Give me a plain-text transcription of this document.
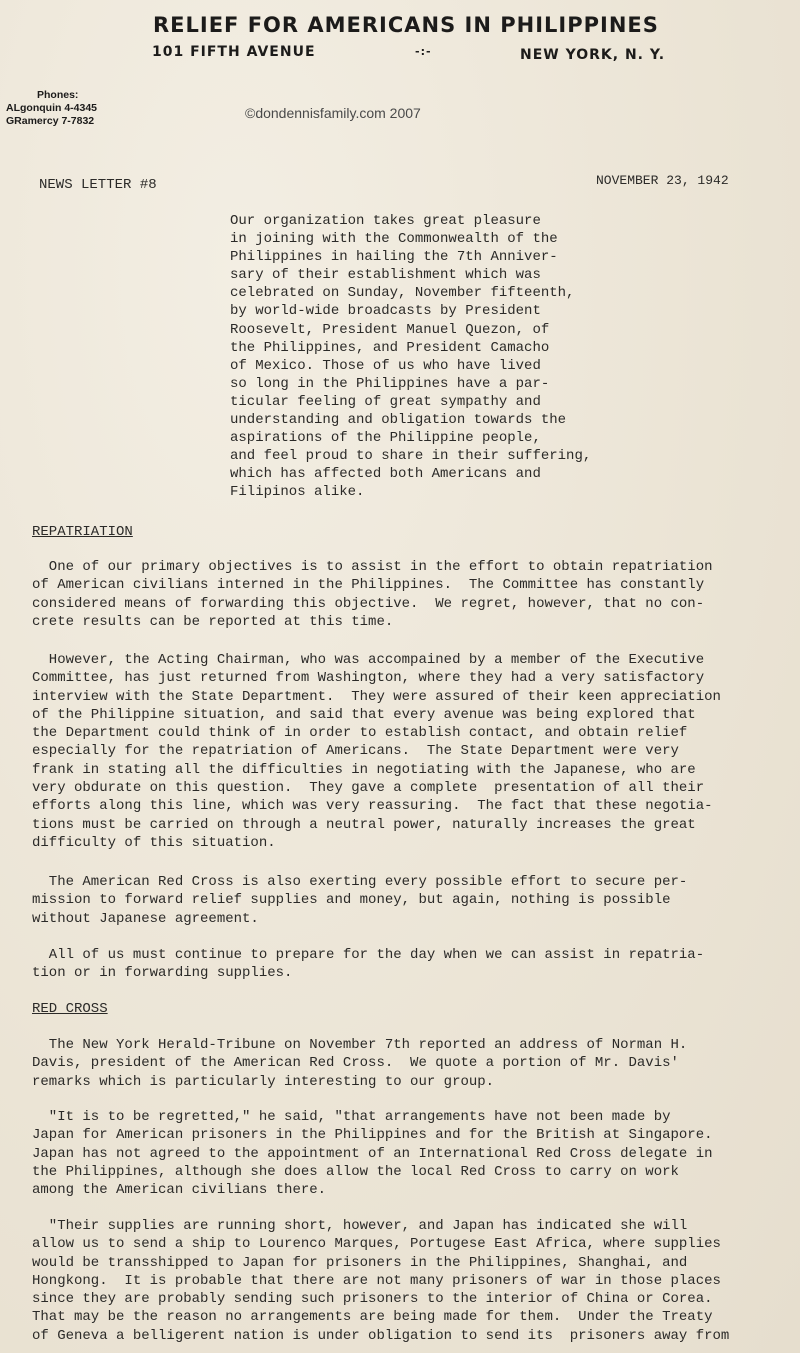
RELIEF FOR AMERICANS IN PHILIPPINES
101 FIFTH AVENUE	-:-	NEW YORK, N. Y.
Phones:
ALgonquin 4-4345
GRamercy 7-7832	©dondennisfamily.com 2007
NEWS LETTER #8	NOVEMBER 23, 1942
Our organization takes great pleasure
in joining with the Commonwealth of the
Philippines in hailing the 7th Anniver-
sary of their establishment which was
celebrated on Sunday, November fifteenth,
by world-wide broadcasts by President
Roosevelt, President Manuel Quezon, of
the Philippines, and President Camacho
of Mexico. Those of us who have lived
so long in the Philippines have a par-
ticular feeling of great sympathy and
understanding and obligation towards the
aspirations of the Philippine people,
and feel proud to share in their suffering,
which has affected both Americans and
Filipinos alike.
REPATRIATION
One of our primary objectives is to assist in the effort to obtain repatriation
of American civilians interned in the Philippines.  The Committee has constantly
considered means of forwarding this objective.  We regret, however, that no con-
crete results can be reported at this time.
However, the Acting Chairman, who was accompained by a member of the Executive
Committee, has just returned from Washington, where they had a very satisfactory
interview with the State Department.  They were assured of their keen appreciation
of the Philippine situation, and said that every avenue was being explored that
the Department could think of in order to establish contact, and obtain relief
especially for the repatriation of Americans.  The State Department were very
frank in stating all the difficulties in negotiating with the Japanese, who are
very obdurate on this question.  They gave a complete  presentation of all their
efforts along this line, which was very reassuring.  The fact that these negotia-
tions must be carried on through a neutral power, naturally increases the great
difficulty of this situation.
The American Red Cross is also exerting every possible effort to secure per-
mission to forward relief supplies and money, but again, nothing is possible
without Japanese agreement.
All of us must continue to prepare for the day when we can assist in repatria-
tion or in forwarding supplies.
RED CROSS
The New York Herald-Tribune on November 7th reported an address of Norman H.
Davis, president of the American Red Cross.  We quote a portion of Mr. Davis'
remarks which is particularly interesting to our group.
"It is to be regretted," he said, "that arrangements have not been made by
Japan for American prisoners in the Philippines and for the British at Singapore.
Japan has not agreed to the appointment of an International Red Cross delegate in
the Philippines, although she does allow the local Red Cross to carry on work
among the American civilians there.
"Their supplies are running short, however, and Japan has indicated she will
allow us to send a ship to Lourenco Marques, Portugese East Africa, where supplies
would be transshipped to Japan for prisoners in the Philippines, Shanghai, and
Hongkong.  It is probable that there are not many prisoners of war in those places
since they are probably sending such prisoners to the interior of China or Corea.
That may be the reason no arrangements are being made for them.  Under the Treaty
of Geneva a belligerent nation is under obligation to send its  prisoners away from
